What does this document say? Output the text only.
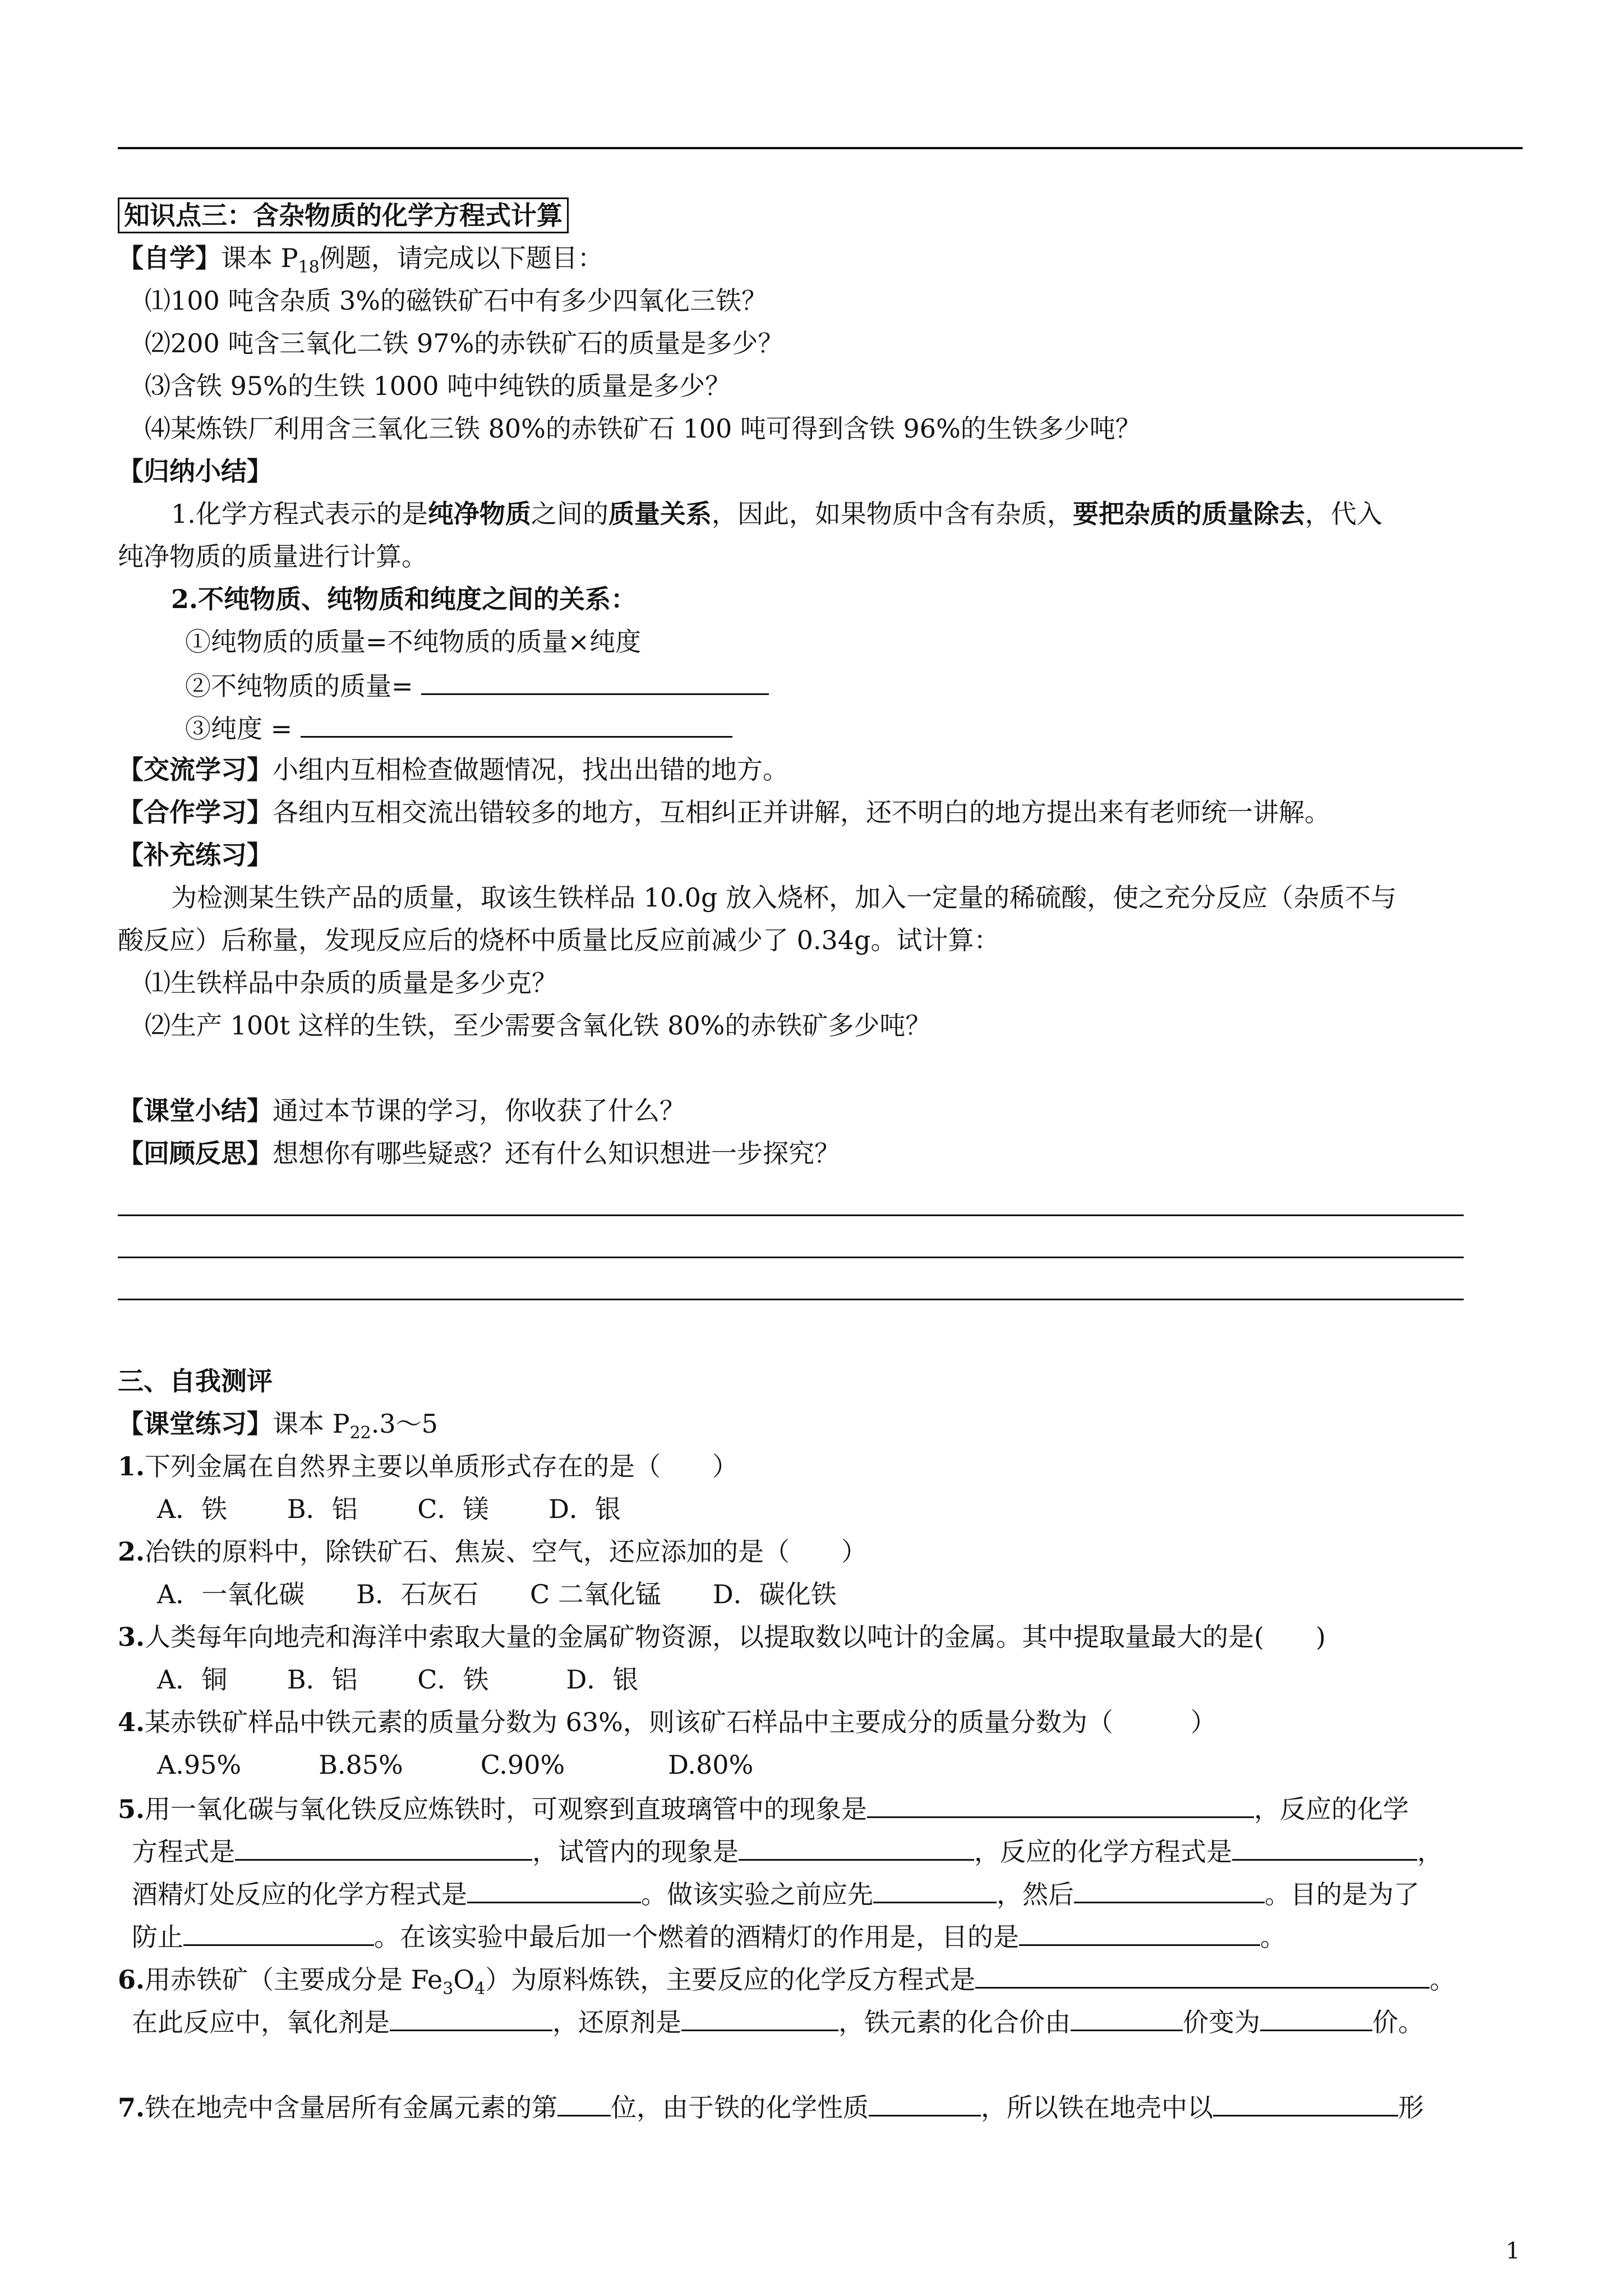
知识点三：含杂物质的化学方程式计算
【自学】课本 $P_{18}$例题，请完成以下题目：
⑴100 吨含杂质 3%的磁铁矿石中有多少四氧化三铁？
⑵200 吨含三氧化二铁 97%的赤铁矿石的质量是多少？
⑶含铁 95%的生铁 1000 吨中纯铁的质量是多少？
⑷某炼铁厂利用含三氧化三铁 80%的赤铁矿石 100 吨可得到含铁 96%的生铁多少吨？
【归纳小结】
1.化学方程式表示的是纯净物质之间的质量关系，因此，如果物质中含有杂质，要把杂质的质量除去，代入
纯净物质的质量进行计算。
2.不纯物质、纯物质和纯度之间的关系：
①纯物质的质量=不纯物质的质量×纯度
②不纯物质的质量=
③纯度 =
【交流学习】小组内互相检查做题情况，找出出错的地方。
【合作学习】各组内互相交流出错较多的地方，互相纠正并讲解，还不明白的地方提出来有老师统一讲解。
【补充练习】
为检测某生铁产品的质量，取该生铁样品 10.0g 放入烧杯，加入一定量的稀硫酸，使之充分反应（杂质不与
酸反应）后称量，发现反应后的烧杯中质量比反应前减少了 0.34g。试计算：
⑴生铁样品中杂质的质量是多少克？
⑵生产 100t 这样的生铁，至少需要含氧化铁 80%的赤铁矿多少吨？
【课堂小结】通过本节课的学习，你收获了什么？
【回顾反思】想想你有哪些疑惑？还有什么知识想进一步探究？
三、自我测评
【课堂练习】课本 $P_{22}.3\sim 5$
1.下列金属在自然界主要以单质形式存在的是（　　）
A．铁　　 B．铝　　 C．镁　　 D．银
2.冶铁的原料中，除铁矿石、焦炭、空气，还应添加的是（　　）
A．一氧化碳　　B．石灰石　　C 二氧化锰　　D．碳化铁
3.人类每年向地壳和海洋中索取大量的金属矿物资源，以提取数以吨计的金属。其中提取量最大的是(　　)
A．铜　　 B．铝　　 C．铁　　　D．银
4.某赤铁矿样品中铁元素的质量分数为 63%，则该矿石样品中主要成分的质量分数为（　　　）
A.95%　　　B.85%　　　C.90%　　　　D.80%
5.用一氧化碳与氧化铁反应炼铁时，可观察到直玻璃管中的现象是	，反应的化学
方程式是	，试管内的现象是	，反应的化学方程式是	，
酒精灯处反应的化学方程式是	。做该实验之前应先	，然后	。目的是为了
防止	。在该实验中最后加一个燃着的酒精灯的作用是，目的是	。
6.用赤铁矿（主要成分是 $Fe_3O_4$）为原料炼铁，主要反应的化学反方程式是	。
在此反应中，氧化剂是	，还原剂是	，铁元素的化合价由	价变为	价。
7.铁在地壳中含量居所有金属元素的第 位，由于铁的化学性质	，所以铁在地壳中以	形
1
